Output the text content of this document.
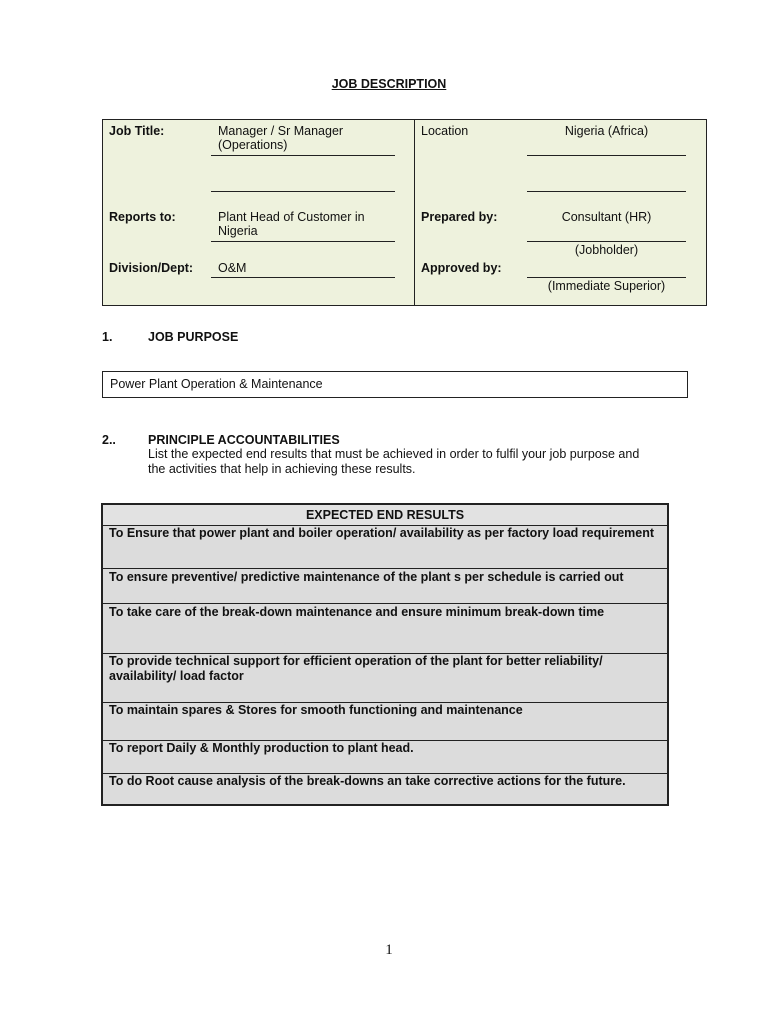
JOB DESCRIPTION
Job Title:	Manager / Sr Manager
(Operations)
Location	Nigeria (Africa)
Reports to:	Plant Head of Customer in
Nigeria
Prepared by:	Consultant (HR)
(Jobholder)
Division/Dept: O&M	Approved by:
(Immediate Superior)
1.	JOB PURPOSE
Power Plant Operation & Maintenance
2..	PRINCIPLE ACCOUNTABILITIES
List the expected end results that must be achieved in order to fulfil your job purpose and
the activities that help in achieving these results.
EXPECTED END RESULTS
To Ensure that power plant and boiler operation/ availability as per factory load requirement
To ensure preventive/ predictive maintenance of the plant s per schedule is carried out
To take care of the break-down maintenance and ensure minimum break-down time
To provide technical support for efficient operation of the plant for better reliability/ availability/ load factor
To maintain spares & Stores for smooth functioning and maintenance
To report Daily & Monthly production to plant head.
To do Root cause analysis of the break-downs an take corrective actions for the future.
1
